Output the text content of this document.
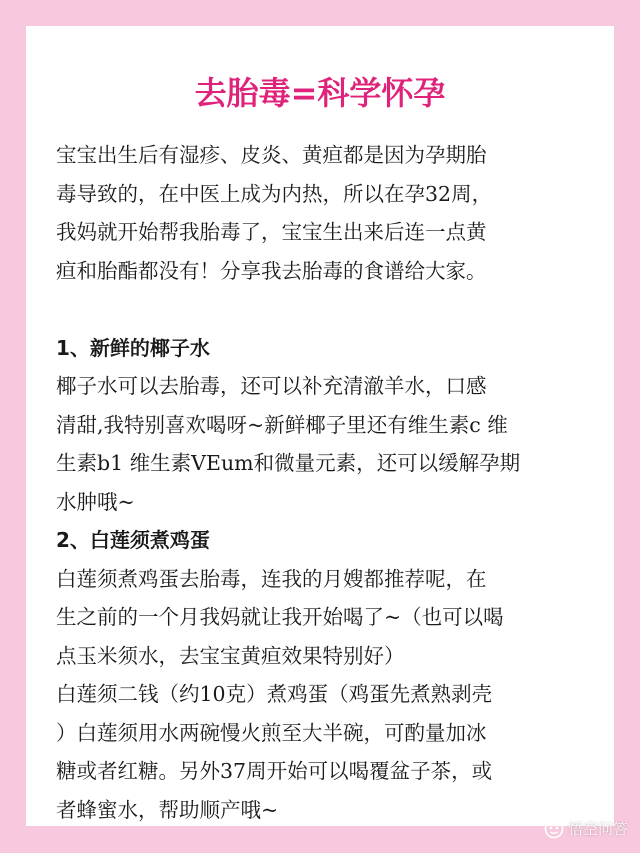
去胎毒=科学怀孕
宝宝出生后有湿疹、皮炎、黄疸都是因为孕期胎
毒导致的，在中医上成为内热，所以在孕32周，
我妈就开始帮我胎毒了，宝宝生出来后连一点黄
疸和胎酯都没有！分享我去胎毒的食谱给大家。
1、新鲜的椰子水
椰子水可以去胎毒，还可以补充清澈羊水，口感
清甜,我特别喜欢喝呀~新鲜椰子里还有维生素c 维
生素b1 维生素VEum和微量元素，还可以缓解孕期
水肿哦~
2、白莲须煮鸡蛋
白莲须煮鸡蛋去胎毒，连我的月嫂都推荐呢，在
生之前的一个月我妈就让我开始喝了~（也可以喝
点玉米须水，去宝宝黄疸效果特别好）
白莲须二钱（约10克）煮鸡蛋（鸡蛋先煮熟剥壳
）白莲须用水两碗慢火煎至大半碗，可酌量加冰
糖或者红糖。另外37周开始可以喝覆盆子茶，或
者蜂蜜水，帮助顺产哦~
悟空问答
